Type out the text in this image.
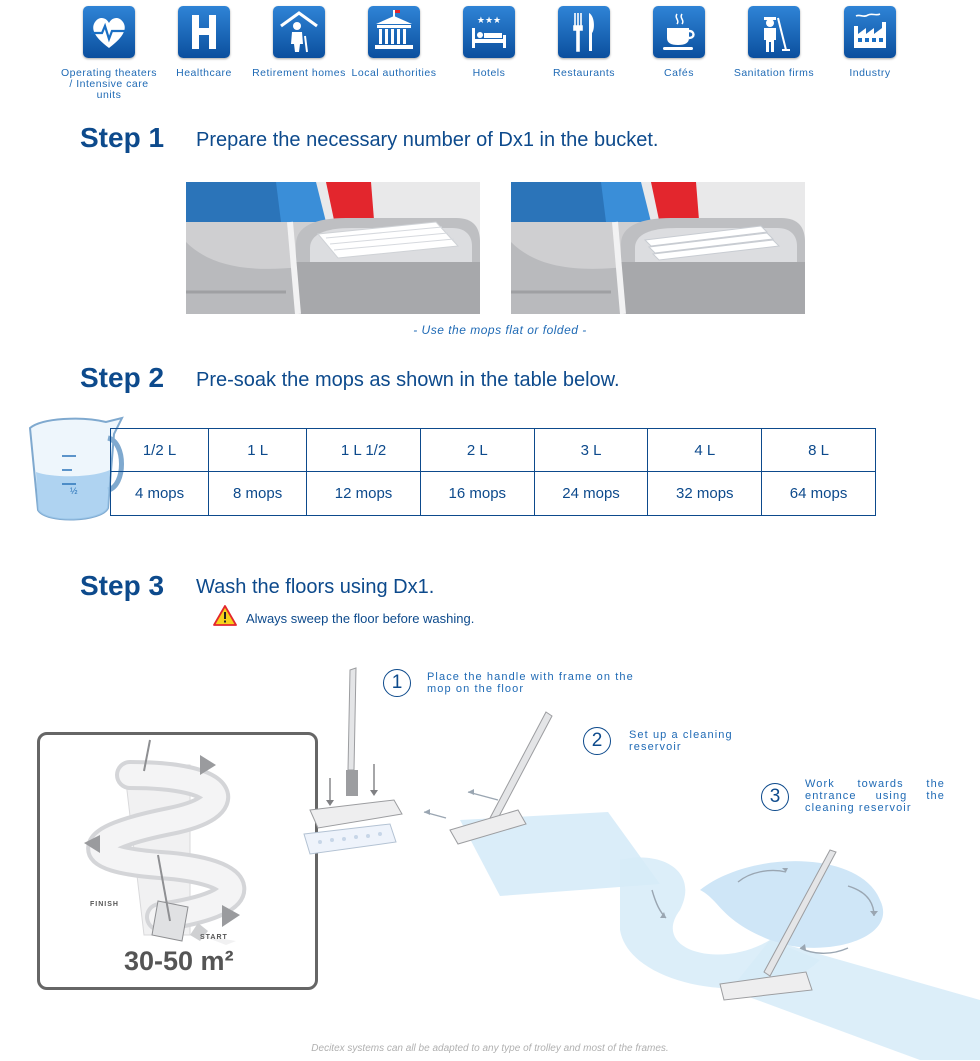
Operating theaters / Intensive care units
Healthcare	Retirement homes Local authorities
★★★
Hotels	Restaurants	Cafés	Sanitation firms	Industry
Step 1 Prepare the necessary number of Dx1 in the bucket.
- Use the mops flat or folded -
Step 2 Pre-soak the mops as shown in the table below.
½
1/2 L	1 L	1 L 1/2	2 L	3 L	4 L	8 L
4 mops	8 mops	12 mops	16 mops	24 mops	32 mops	64 mops
Step 3 Wash the floors using Dx1.
Always sweep the floor before washing.
1	Place the handle with frame on the mop on the floor
2	Set up a cleaning reservoir
3
Work towards the entrance using the cleaning reservoir
FINISH
START
30-50 m²
Decitex systems can all be adapted to any type of trolley and most of the frames.
